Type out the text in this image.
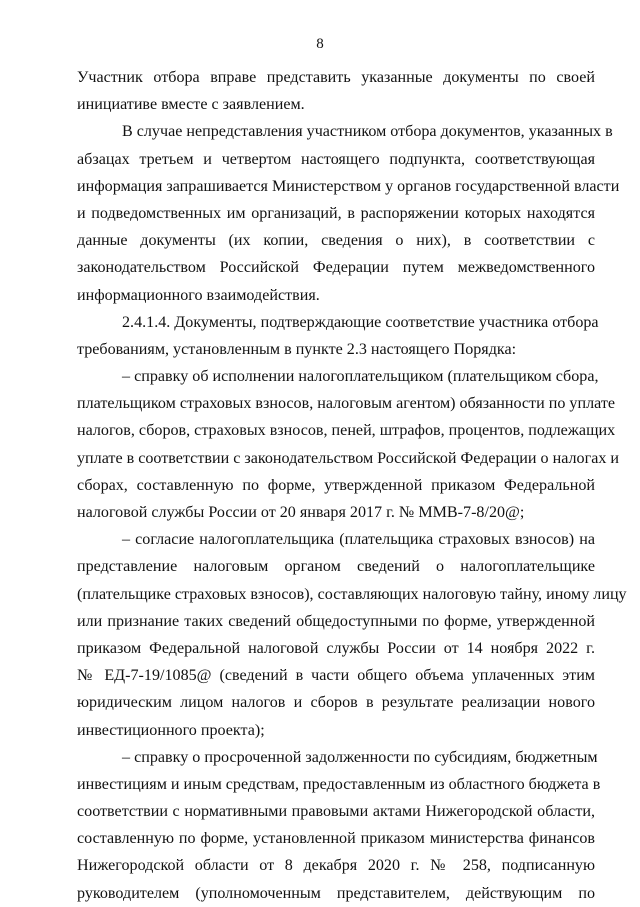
8
Участник отбора вправе представить указанные документы по своей
инициативе вместе с заявлением.
В случае непредставления участником отбора документов, указанных в
абзацах третьем и четвертом настоящего подпункта, соответствующая
информация запрашивается Министерством у органов государственной власти
и подведомственных им организаций, в распоряжении которых находятся
данные документы (их копии, сведения о них), в соответствии с
законодательством Российской Федерации путем межведомственного
информационного взаимодействия.
2.4.1.4. Документы, подтверждающие соответствие участника отбора
требованиям, установленным в пункте 2.3 настоящего Порядка:
– справку об исполнении налогоплательщиком (плательщиком сбора,
плательщиком страховых взносов, налоговым агентом) обязанности по уплате
налогов, сборов, страховых взносов, пеней, штрафов, процентов, подлежащих
уплате в соответствии с законодательством Российской Федерации о налогах и
сборах, составленную по форме, утвержденной приказом Федеральной
налоговой службы России от 20 января 2017 г. № ММВ-7-8/20@;
– согласие налогоплательщика (плательщика страховых взносов) на
представление налоговым органом сведений о налогоплательщике
(плательщике страховых взносов), составляющих налоговую тайну, иному лицу
или признание таких сведений общедоступными по форме, утвержденной
приказом Федеральной налоговой службы России от 14 ноября 2022 г.
№ ЕД-7-19/1085@ (сведений в части общего объема уплаченных этим
юридическим лицом налогов и сборов в результате реализации нового
инвестиционного проекта);
– справку о просроченной задолженности по субсидиям, бюджетным
инвестициям и иным средствам, предоставленным из областного бюджета в
соответствии с нормативными правовыми актами Нижегородской области,
составленную по форме, установленной приказом министерства финансов
Нижегородской области от 8 декабря 2020 г. № 258, подписанную
руководителем (уполномоченным представителем, действующим по
